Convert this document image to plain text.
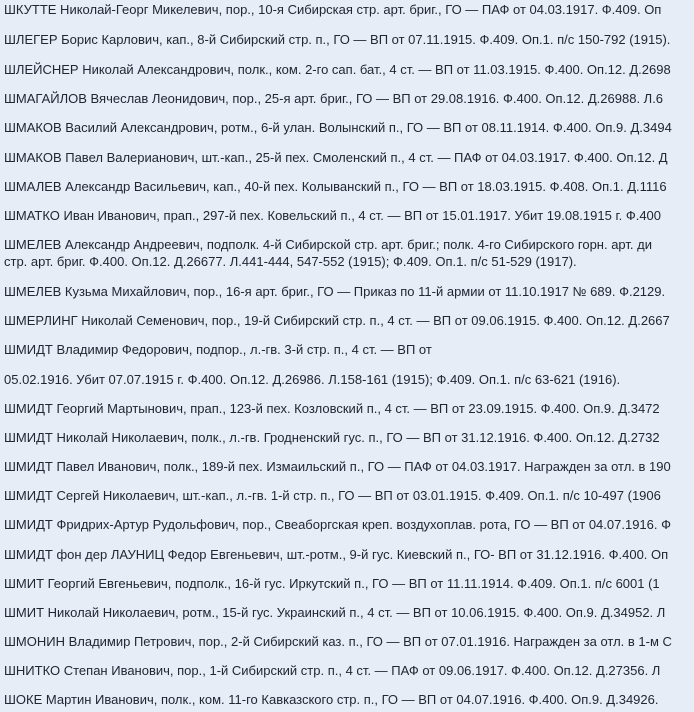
ШКУТТЕ Николай-Георг Микелевич, пор., 10-я Сибирская стр. арт. бриг., ГО — ПАФ от 04.03.1917. Ф.409. Оп
ШЛЕГЕР Борис Карлович, кап., 8-й Сибирский стр. п., ГО — ВП от 07.11.1915. Ф.409. Оп.1. п/с 150-792 (1915).
ШЛЕЙСНЕР Николай Александрович, полк., ком. 2-го сап. бат., 4 ст. — ВП от 11.03.1915. Ф.400. Оп.12. Д.2698
ШМАГАЙЛОВ Вячеслав Леонидович, пор., 25-я арт. бриг., ГО — ВП от 29.08.1916. Ф.400. Оп.12. Д.26988. Л.6
ШМАКОВ Василий Александрович, ротм., 6-й улан. Волынский п., ГО — ВП от 08.11.1914. Ф.400. Оп.9. Д.3494
ШМАКОВ Павел Валерианович, шт.-кап., 25-й пех. Смоленский п., 4 ст. — ПАФ от 04.03.1917. Ф.400. Оп.12. Д
ШМАЛЕВ Александр Васильевич, кап., 40-й пех. Колыванский п., ГО — ВП от 18.03.1915. Ф.408. Оп.1. Д.1116
ШМАТКО Иван Иванович, прап., 297-й пех. Ковельский п., 4 ст. — ВП от 15.01.1917. Убит 19.08.1915 г. Ф.400
ШМЕЛЕВ Александр Андреевич, подполк. 4-й Сибирской стр. арт. бриг.; полк. 4-го Сибирского горн. арт. ди
стр. арт. бриг. Ф.400. Оп.12. Д.26677. Л.441-444, 547-552 (1915); Ф.409. Оп.1. п/с 51-529 (1917).
ШМЕЛЕВ Кузьма Михайлович, пор., 16-я арт. бриг., ГО — Приказ по 11-й армии от 11.10.1917 № 689. Ф.2129.
ШМЕРЛИНГ Николай Семенович, пор., 19-й Сибирский стр. п., 4 ст. — ВП от 09.06.1915. Ф.400. Оп.12. Д.2667
ШМИДТ Владимир Федорович, подпор., л.-гв. 3-й стр. п., 4 ст. — ВП от
05.02.1916. Убит 07.07.1915 г. Ф.400. Оп.12. Д.26986. Л.158-161 (1915); Ф.409. Оп.1. п/с 63-621 (1916).
ШМИДТ Георгий Мартынович, прап., 123-й пех. Козловский п., 4 ст. — ВП от 23.09.1915. Ф.400. Оп.9. Д.3472
ШМИДТ Николай Николаевич, полк., л.-гв. Гродненский гус. п., ГО — ВП от 31.12.1916. Ф.400. Оп.12. Д.2732
ШМИДТ Павел Иванович, полк., 189-й пех. Измаильский п., ГО — ПАФ от 04.03.1917. Награжден за отл. в 190
ШМИДТ Сергей Николаевич, шт.-кап., л.-гв. 1-й стр. п., ГО — ВП от 03.01.1915. Ф.409. Оп.1. п/с 10-497 (1906
ШМИДТ Фридрих-Артур Рудольфович, пор., Свеаборгская креп. воздухоплав. рота, ГО — ВП от 04.07.1916. Ф
ШМИДТ фон дер ЛАУНИЦ Федор Евгеньевич, шт.-ротм., 9-й гус. Киевский п., ГО- ВП от 31.12.1916. Ф.400. Оп
ШМИТ Георгий Евгеньевич, подполк., 16-й гус. Иркутский п., ГО — ВП от 11.11.1914. Ф.409. Оп.1. п/с 6001 (1
ШМИТ Николай Николаевич, ротм., 15-й гус. Украинский п., 4 ст. — ВП от 10.06.1915. Ф.400. Оп.9. Д.34952. Л
ШМОНИН Владимир Петрович, пор., 2-й Сибирский каз. п., ГО — ВП от 07.01.1916. Награжден за отл. в 1-м С
ШНИТКО Степан Иванович, пор., 1-й Сибирский стр. п., 4 ст. — ПАФ от 09.06.1917. Ф.400. Оп.12. Д.27356. Л
ШОКЕ Мартин Иванович, полк., ком. 11-го Кавказского стр. п., ГО — ВП от 04.07.1916. Ф.400. Оп.9. Д.34926.
